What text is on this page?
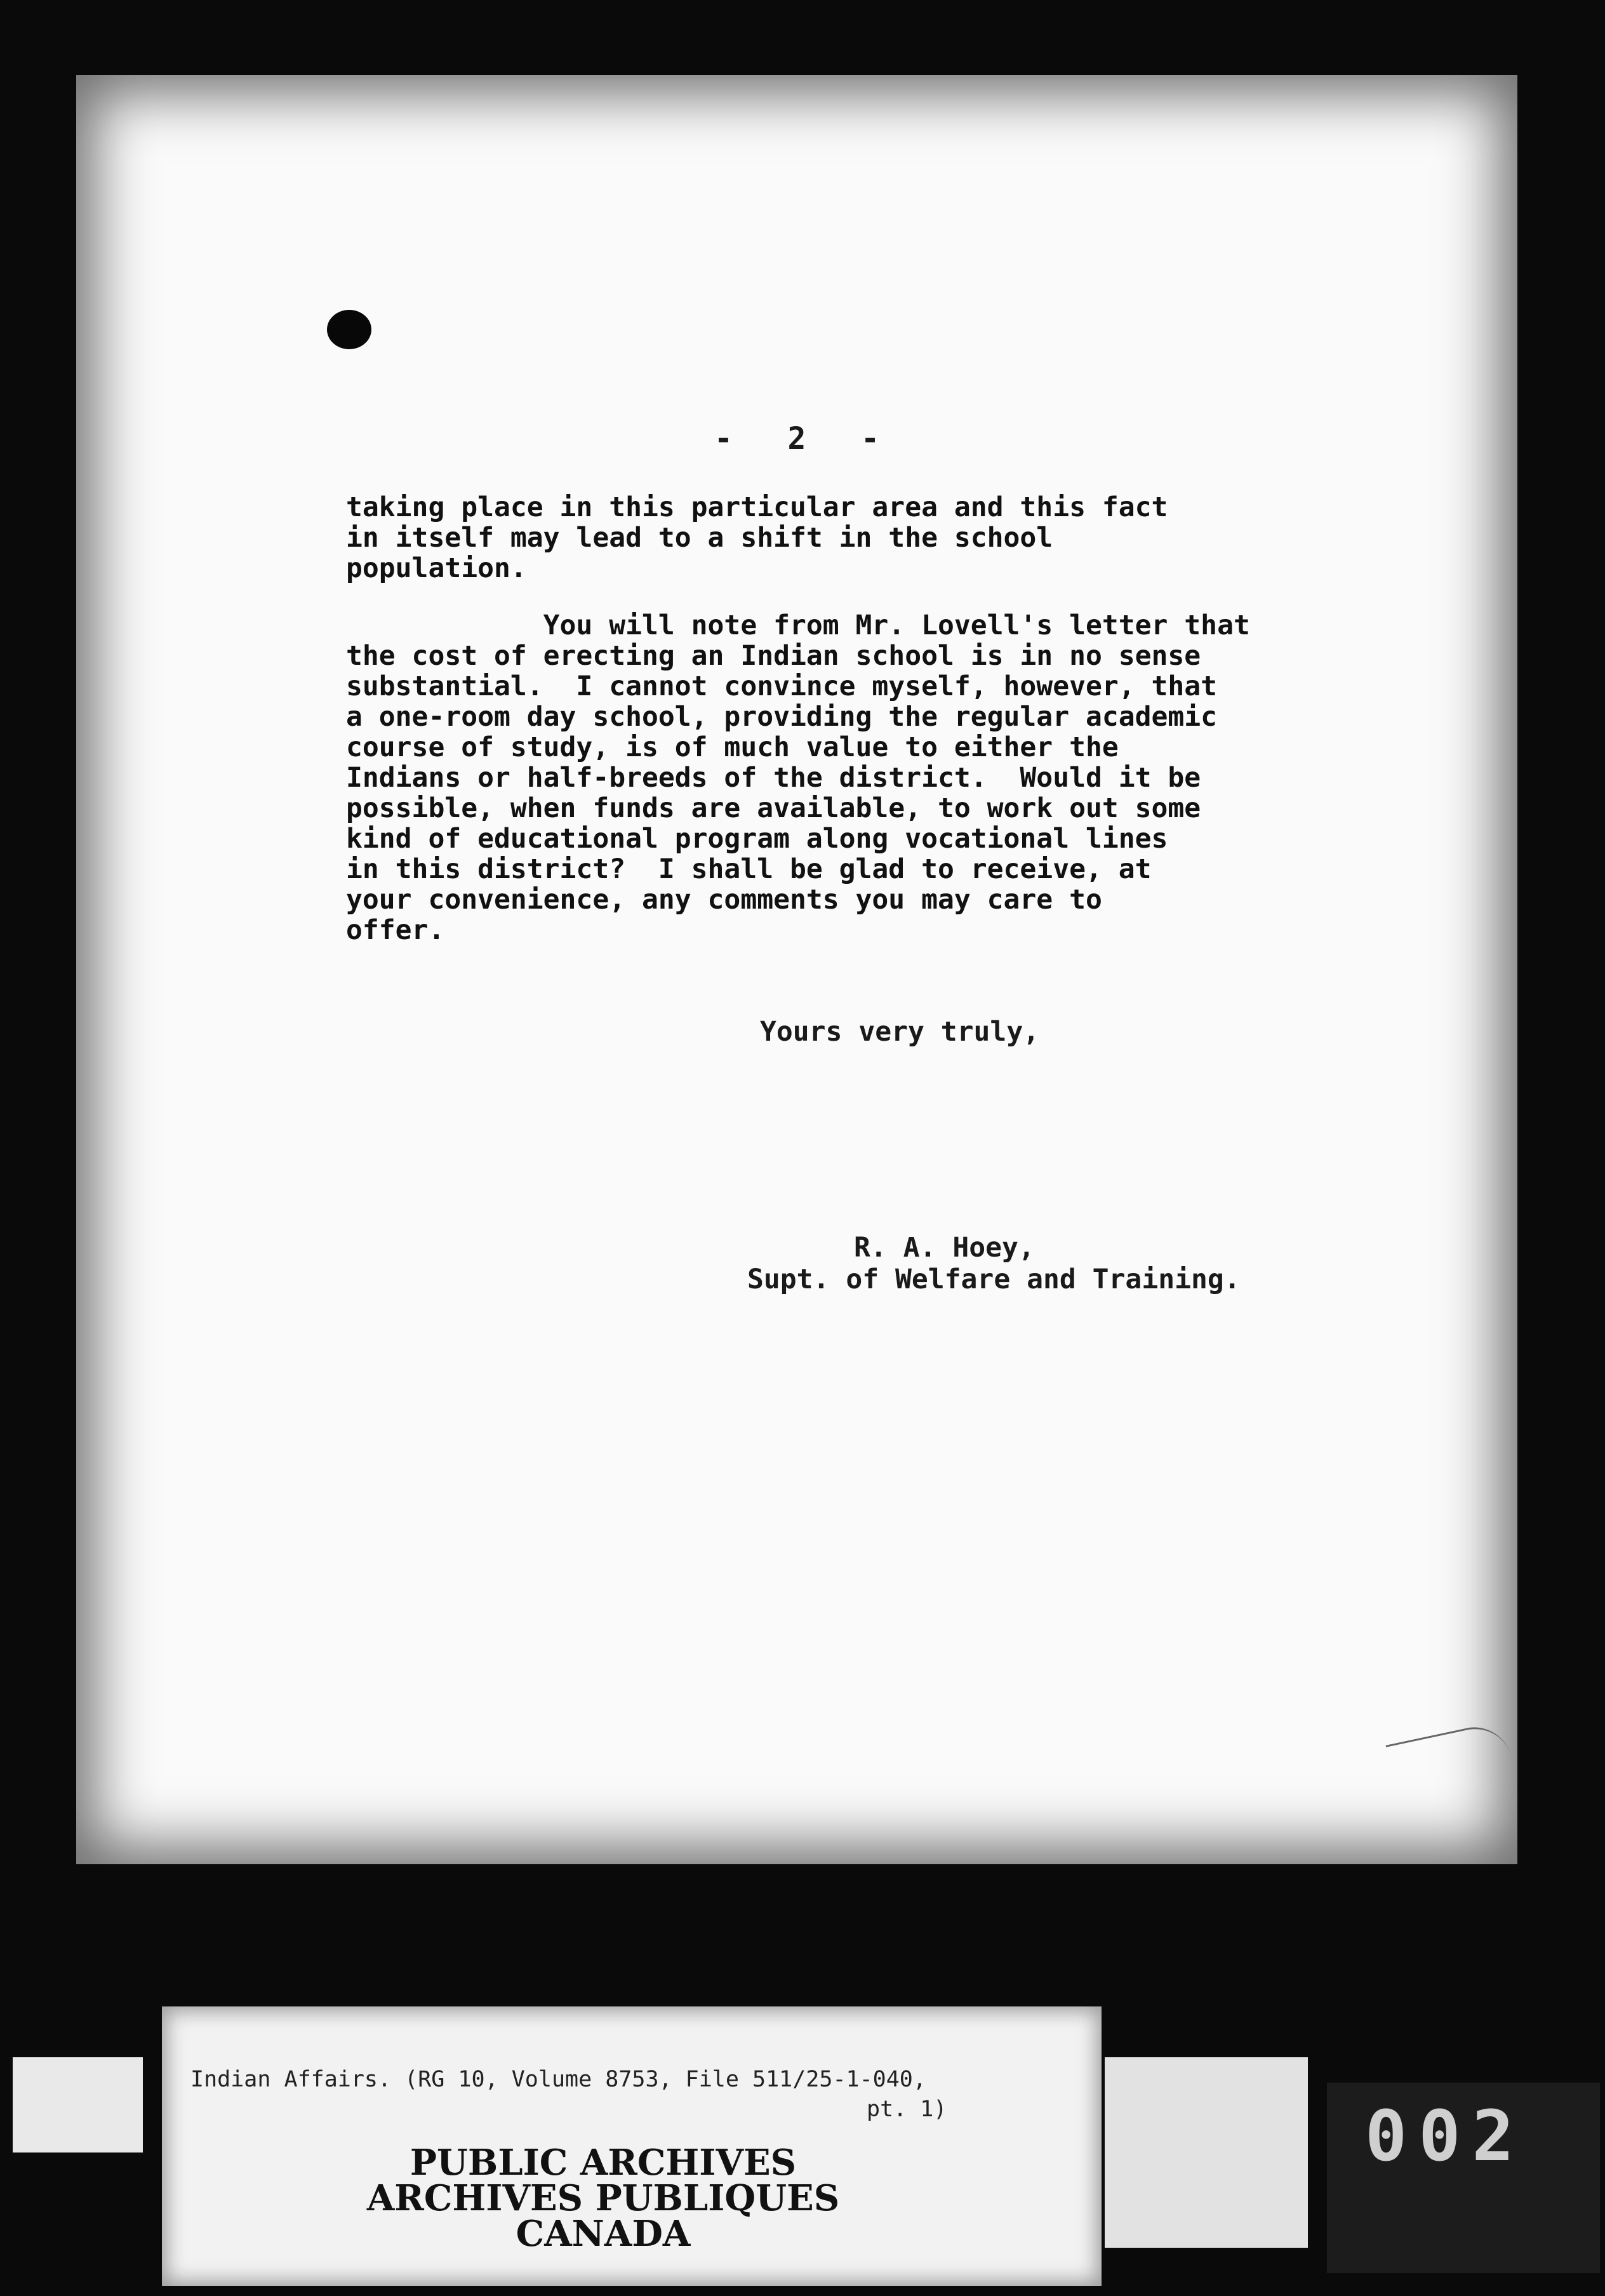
-   2   -

taking place in this particular area and this fact
in itself may lead to a shift in the school
population.

You will note from Mr. Lovell's letter that
the cost of erecting an Indian school is in no sense
substantial.  I cannot convince myself, however, that
a one-room day school, providing the regular academic
course of study, is of much value to either the
Indians or half-breeds of the district.  Would it be
possible, when funds are available, to work out some
kind of educational program along vocational lines
in this district?  I shall be glad to receive, at
your convenience, any comments you may care to
offer.

Yours very truly,
R. A. Hoey,
Supt. of Welfare and Training.
Indian Affairs. (RG 10, Volume 8753, File 511/25-1-040,
pt. 1)
PUBLIC ARCHIVES
ARCHIVES PUBLIQUES
CANADA
002
